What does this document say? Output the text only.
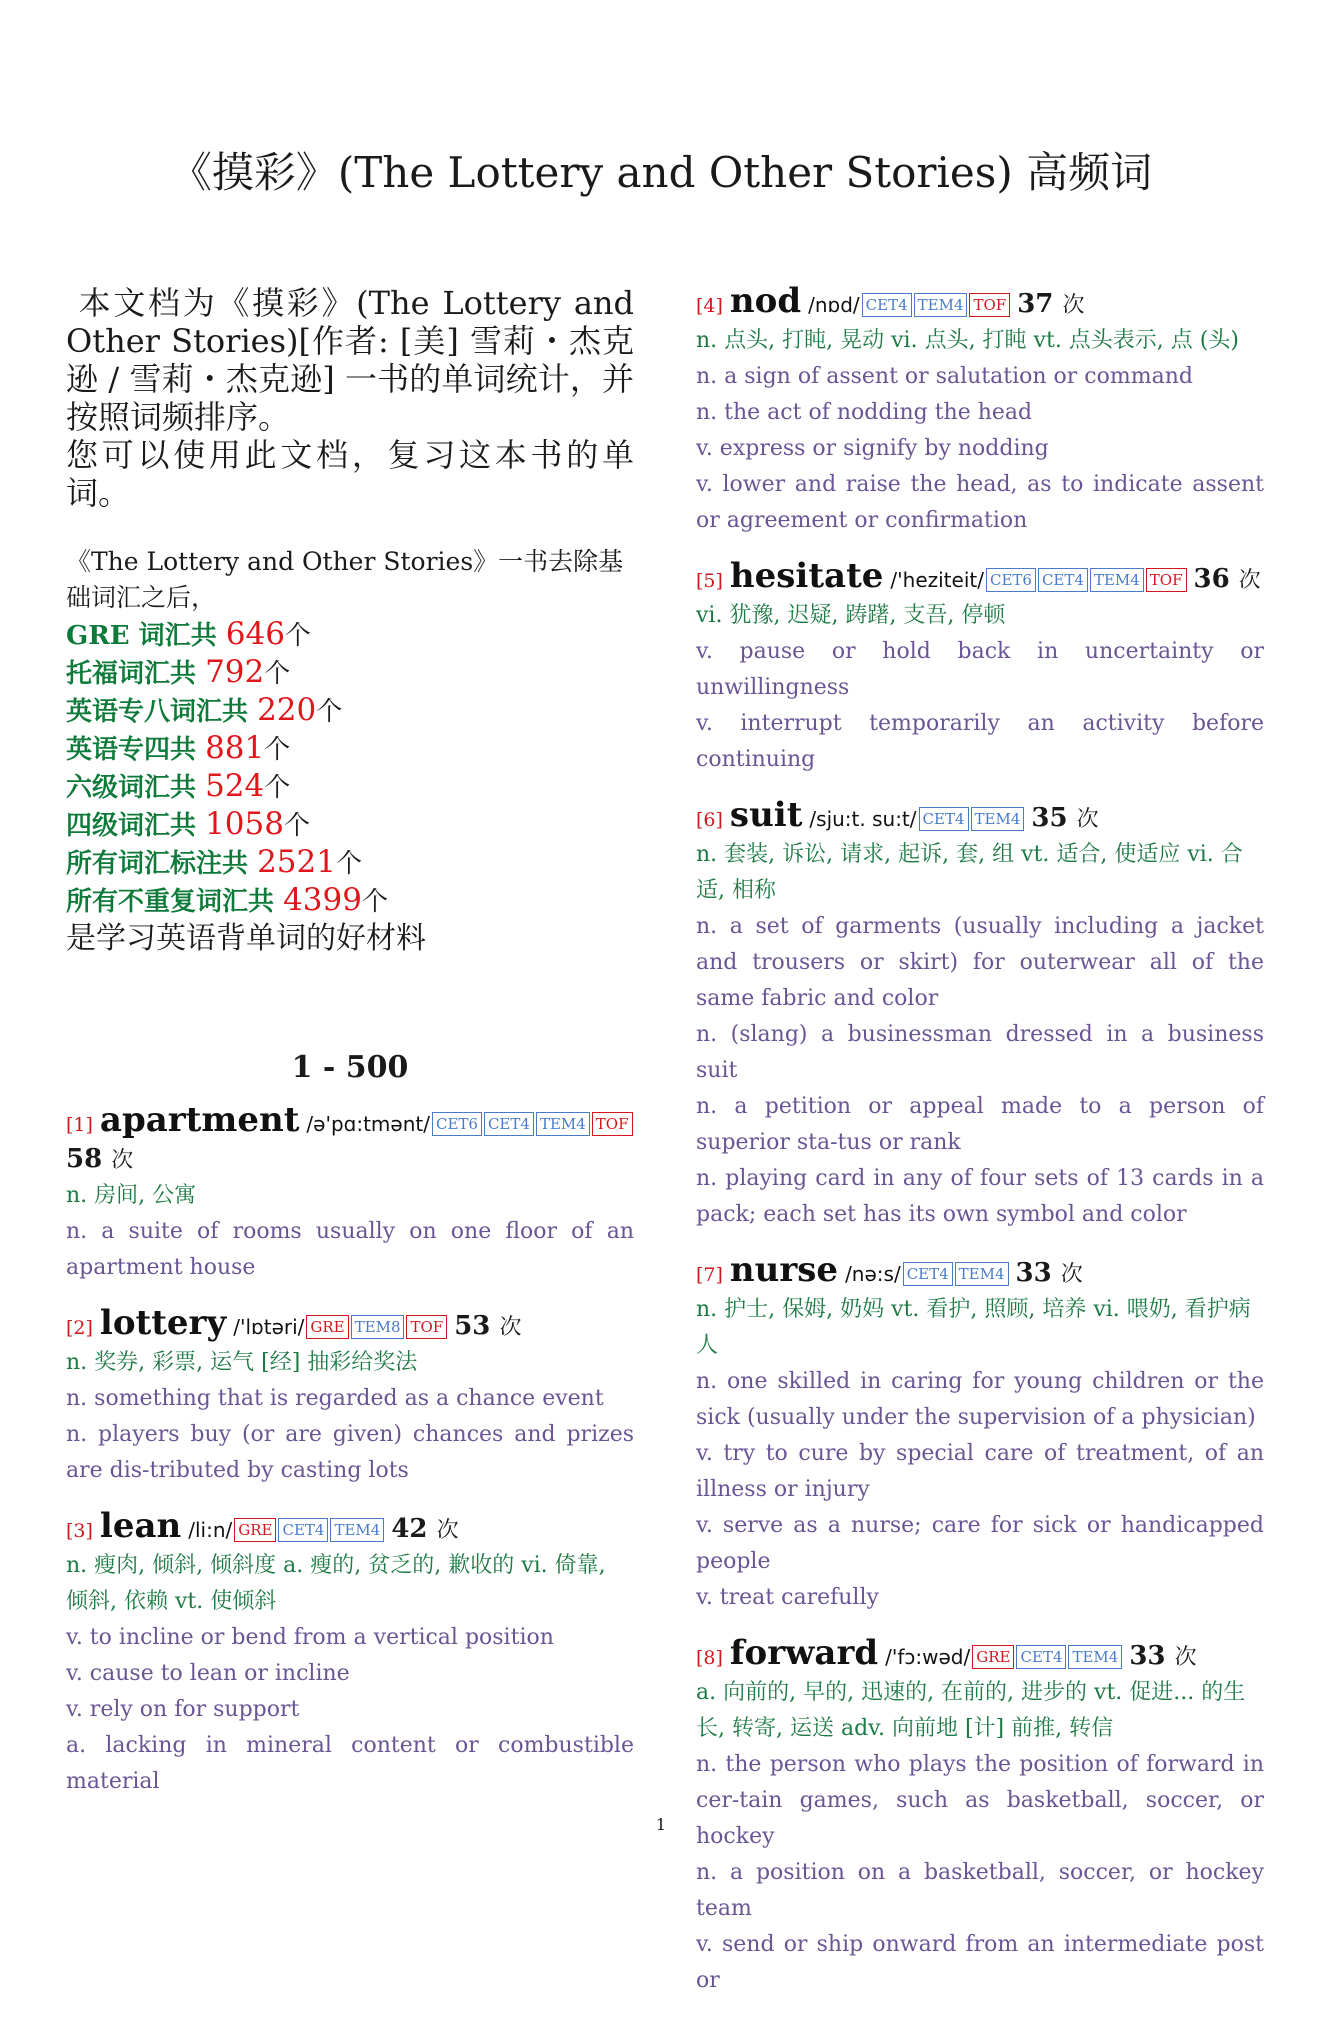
《摸彩》(The Lottery and Other Stories) 高频词
本文档为《摸彩》(The Lottery and Other Stories)[作者: [美] 雪莉・杰克逊 / 雪莉・杰克逊] 一书的单词统计，并按照词频排序。
您可以使用此文档，复习这本书的单词。
《The Lottery and Other Stories》一书去除基础词汇之后，
GRE 词汇共 646个
托福词汇共 792个
英语专八词汇共 220个
英语专四共 881个
六级词汇共 524个
四级词汇共 1058个
所有词汇标注共 2521个
所有不重复词汇共 4399个
是学习英语背单词的好材料
1 - 500
[1] apartment /ə'pɑ:tmənt/ CET6 CET4 TEM4 TOF 58 次
n. 房间, 公寓
n. a suite of rooms usually on one floor of an apartment house
[2] lottery /'lɒtəri/ GRE TEM8 TOF 53 次
n. 奖券, 彩票, 运气 [经] 抽彩给奖法
n. something that is regarded as a chance event
n. players buy (or are given) chances and prizes are dis-tributed by casting lots
[3] lean /li:n/ GRE CET4 TEM4 42 次
n. 瘦肉, 倾斜, 倾斜度 a. 瘦的, 贫乏的, 歉收的 vi. 倚靠, 倾斜, 依赖 vt. 使倾斜
v. to incline or bend from a vertical position
v. cause to lean or incline
v. rely on for support
a. lacking in mineral content or combustible material
[4] nod /nɒd/ CET4 TEM4 TOF 37 次
n. 点头, 打盹, 晃动 vi. 点头, 打盹 vt. 点头表示, 点 (头)
n. a sign of assent or salutation or command
n. the act of nodding the head
v. express or signify by nodding
v. lower and raise the head, as to indicate assent or agreement or confirmation
[5] hesitate /'heziteit/ CET6 CET4 TEM4 TOF 36 次
vi. 犹豫, 迟疑, 踌躇, 支吾, 停顿
v. pause or hold back in uncertainty or unwillingness
v. interrupt temporarily an activity before continuing
[6] suit /sju:t. su:t/ CET4 TEM4 35 次
n. 套装, 诉讼, 请求, 起诉, 套, 组 vt. 适合, 使适应 vi. 合适, 相称
n. a set of garments (usually including a jacket and trousers or skirt) for outerwear all of the same fabric and color
n. (slang) a businessman dressed in a business suit
n. a petition or appeal made to a person of superior sta-tus or rank
n. playing card in any of four sets of 13 cards in a pack; each set has its own symbol and color
[7] nurse /nə:s/ CET4 TEM4 33 次
n. 护士, 保姆, 奶妈 vt. 看护, 照顾, 培养 vi. 喂奶, 看护病人
n. one skilled in caring for young children or the sick (usually under the supervision of a physician)
v. try to cure by special care of treatment, of an illness or injury
v. serve as a nurse; care for sick or handicapped people
v. treat carefully
[8] forward /'fɔ:wəd/ GRE CET4 TEM4 33 次
a. 向前的, 早的, 迅速的, 在前的, 进步的 vt. 促进... 的生长, 转寄, 运送 adv. 向前地 [计] 前推, 转信
n. the person who plays the position of forward in cer-tain games, such as basketball, soccer, or hockey
n. a position on a basketball, soccer, or hockey team
v. send or ship onward from an intermediate post or
1
